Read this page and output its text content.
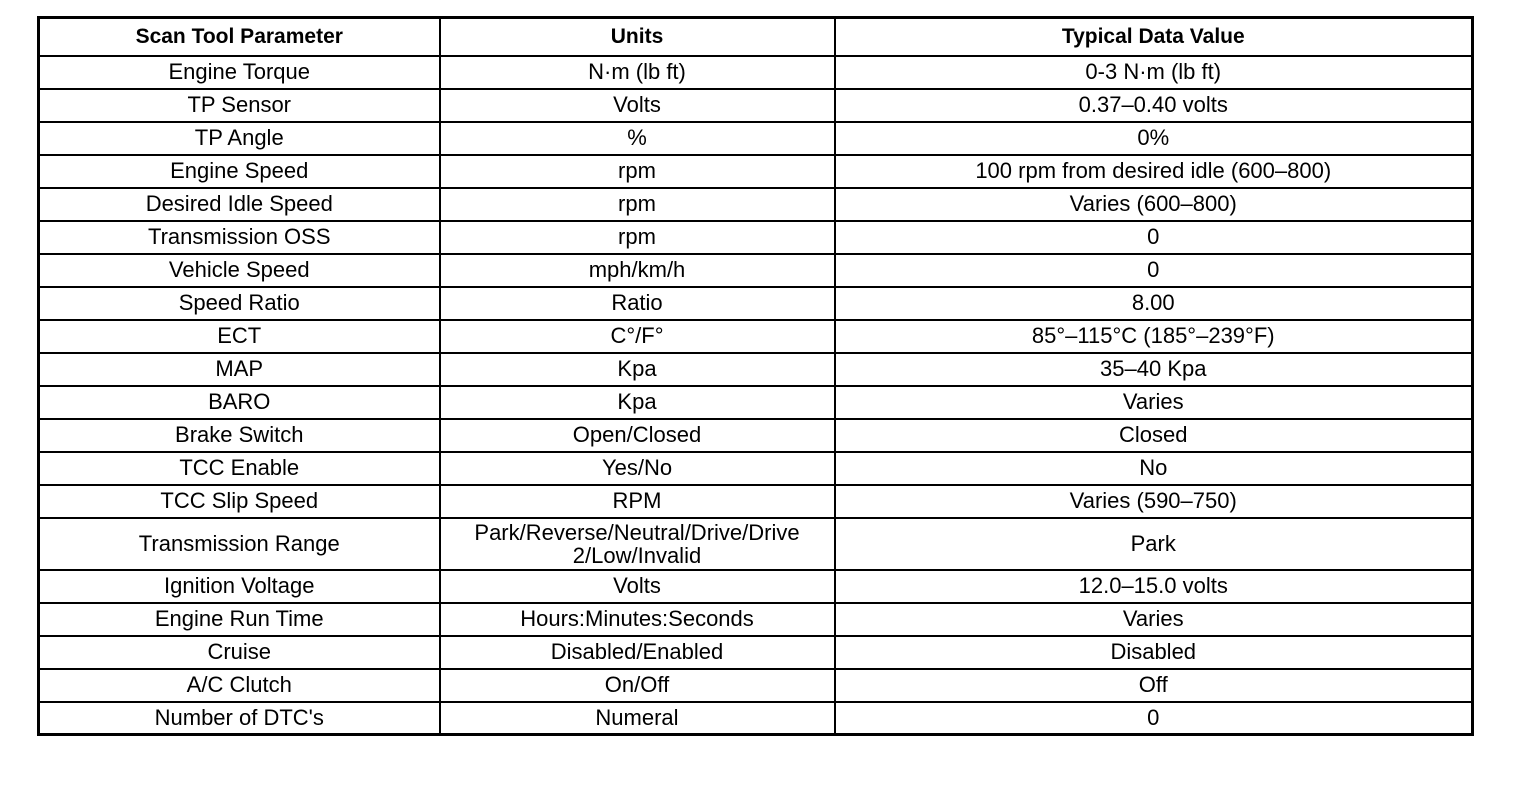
Scan Tool Parameter	Units	Typical Data Value
Engine Torque	N·m (lb ft)	0-3 N·m (lb ft)
TP Sensor	Volts	0.37–0.40 volts
TP Angle	%	0%
Engine Speed	rpm	100 rpm from desired idle (600–800)
Desired Idle Speed	rpm	Varies (600–800)
Transmission OSS	rpm	0
Vehicle Speed	mph/km/h	0
Speed Ratio	Ratio	8.00
ECT	C°/F°	85°–115°C (185°–239°F)
MAP	Kpa	35–40 Kpa
BARO	Kpa	Varies
Brake Switch	Open/Closed	Closed
TCC Enable	Yes/No	No
TCC Slip Speed	RPM	Varies (590–750)
Transmission Range	Park/Reverse/Neutral/Drive/Drive 2/Low/Invalid	Park
Ignition Voltage	Volts	12.0–15.0 volts
Engine Run Time	Hours:Minutes:Seconds	Varies
Cruise	Disabled/Enabled	Disabled
A/C Clutch	On/Off	Off
Number of DTC's	Numeral	0
